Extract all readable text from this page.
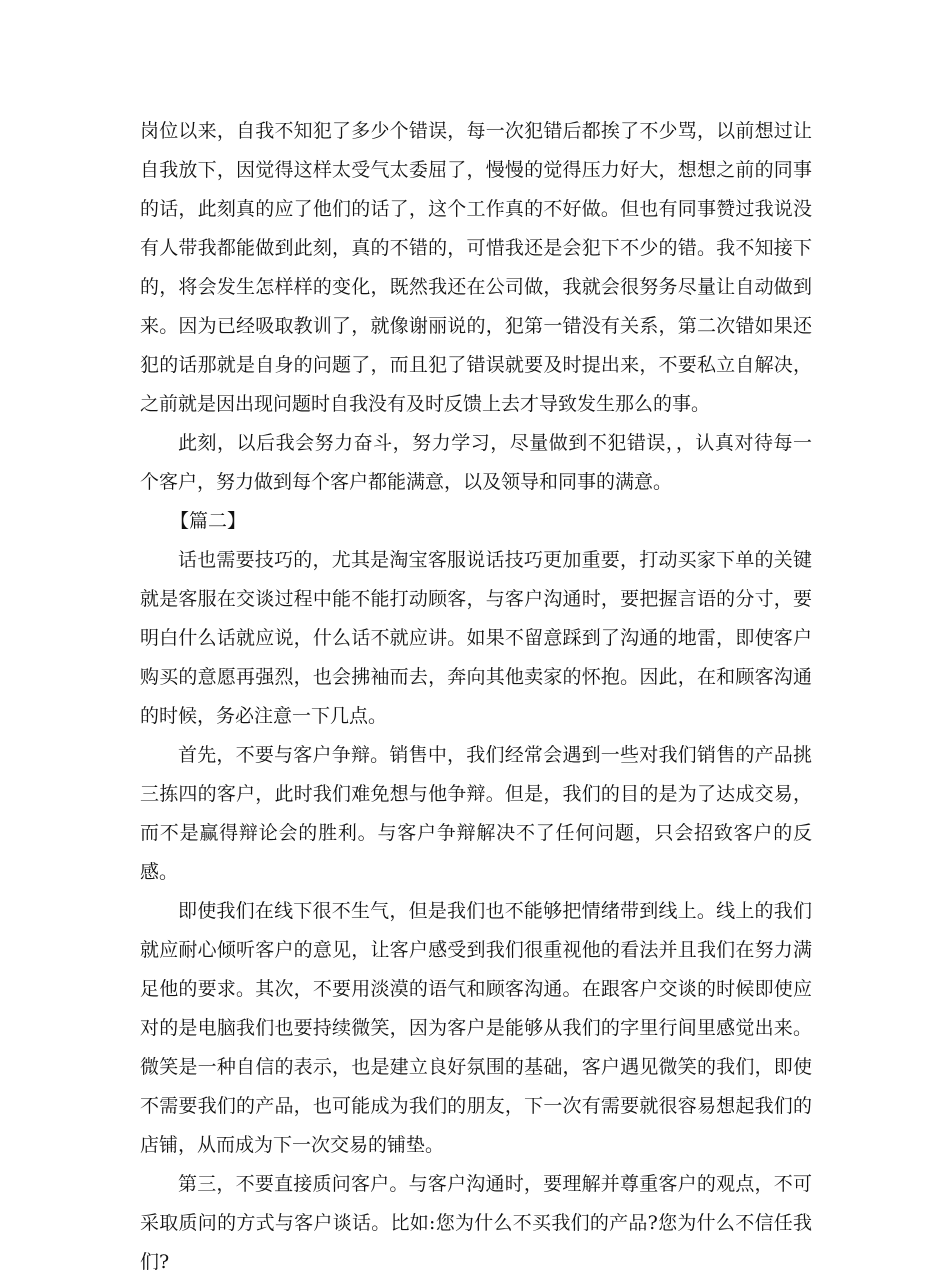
岗位以来，自我不知犯了多少个错误，每一次犯错后都挨了不少骂，以前想过让自我放下，因觉得这样太受气太委屈了，慢慢的觉得压力好大，想想之前的同事的话，此刻真的应了他们的话了，这个工作真的不好做。但也有同事赞过我说没有人带我都能做到此刻，真的不错的，可惜我还是会犯下不少的错。我不知接下的，将会发生怎样样的变化，既然我还在公司做，我就会很努务尽量让自动做到来。因为已经吸取教训了，就像谢丽说的，犯第一错没有关系，第二次错如果还犯的话那就是自身的问题了，而且犯了错误就要及时提出来，不要私立自解决，之前就是因出现问题时自我没有及时反馈上去才导致发生那么的事。

此刻，以后我会努力奋斗，努力学习，尽量做到不犯错误，，认真对待每一个客户，努力做到每个客户都能满意，以及领导和同事的满意。

【篇二】

话也需要技巧的，尤其是淘宝客服说话技巧更加重要，打动买家下单的关键就是客服在交谈过程中能不能打动顾客，与客户沟通时，要把握言语的分寸，要明白什么话就应说，什么话不就应讲。如果不留意踩到了沟通的地雷，即使客户购买的意愿再强烈，也会拂袖而去，奔向其他卖家的怀抱。因此，在和顾客沟通的时候，务必注意一下几点。

首先，不要与客户争辩。销售中，我们经常会遇到一些对我们销售的产品挑三拣四的客户，此时我们难免想与他争辩。但是，我们的目的是为了达成交易，而不是赢得辩论会的胜利。与客户争辩解决不了任何问题，只会招致客户的反感。

即使我们在线下很不生气，但是我们也不能够把情绪带到线上。线上的我们就应耐心倾听客户的意见，让客户感受到我们很重视他的看法并且我们在努力满足他的要求。其次，不要用淡漠的语气和顾客沟通。在跟客户交谈的时候即使应对的是电脑我们也要持续微笑，因为客户是能够从我们的字里行间里感觉出来。微笑是一种自信的表示，也是建立良好氛围的基础，客户遇见微笑的我们，即使不需要我们的产品，也可能成为我们的朋友，下一次有需要就很容易想起我们的店铺，从而成为下一次交易的铺垫。

第三，不要直接质问客户。与客户沟通时，要理解并尊重客户的观点，不可采取质问的方式与客户谈话。比如:您为什么不买我们的产品?您为什么不信任我们?
